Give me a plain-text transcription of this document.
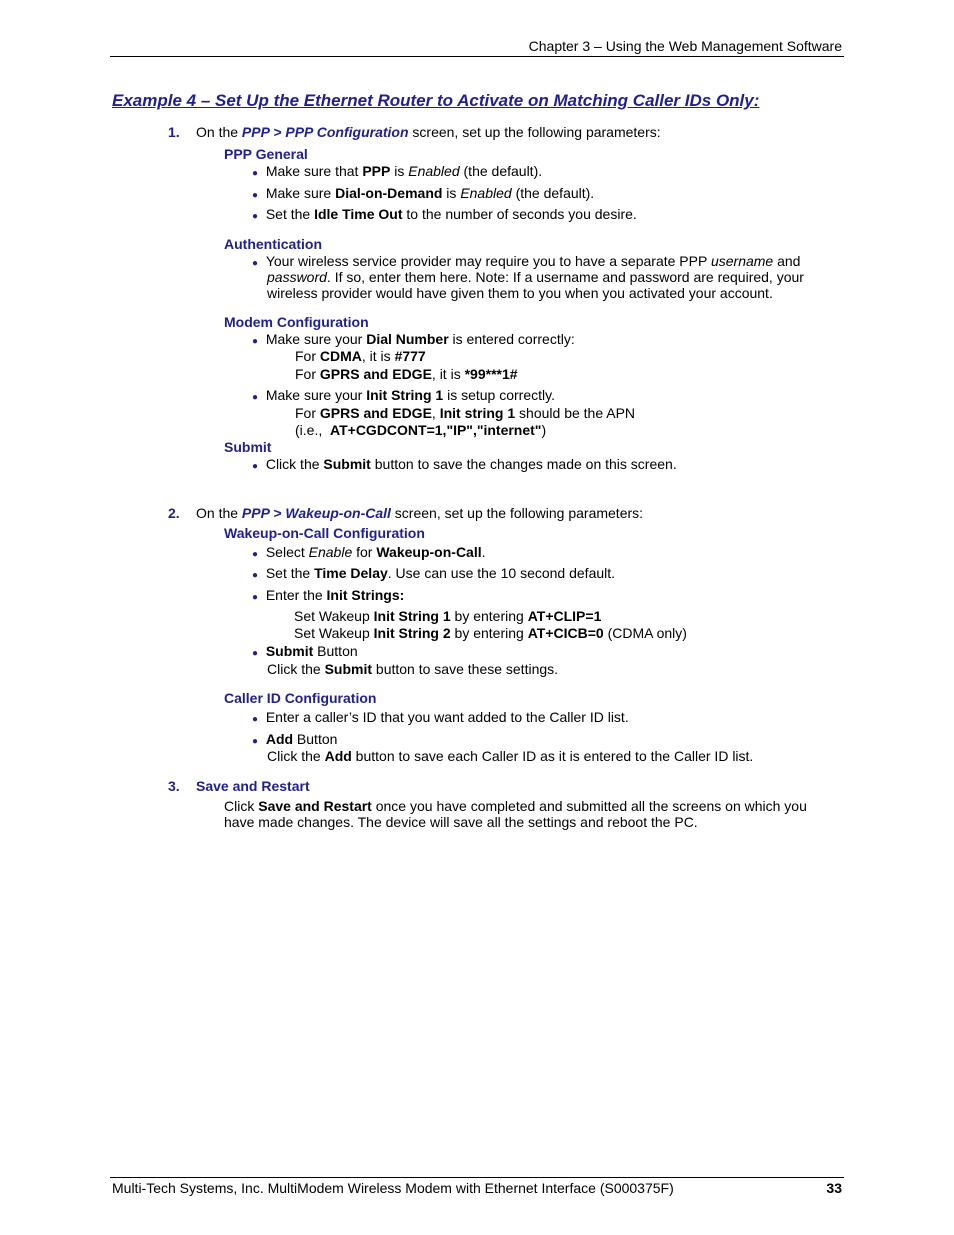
Chapter 3 – Using the Web Management Software
Example 4 – Set Up the Ethernet Router to Activate on Matching Caller IDs Only:
1. On the PPP > PPP Configuration screen, set up the following parameters:
PPP General
● Make sure that PPP is Enabled (the default).
● Make sure Dial-on-Demand is Enabled (the default).
● Set the Idle Time Out to the number of seconds you desire.
Authentication
● Your wireless service provider may require you to have a separate PPP username and
password. If so, enter them here. Note: If a username and password are required, your
wireless provider would have given them to you when you activated your account.
Modem Configuration
● Make sure your Dial Number is entered correctly:
For CDMA, it is #777
For GPRS and EDGE, it is *99***1#
● Make sure your Init String 1 is setup correctly.
For GPRS and EDGE, Init string 1 should be the APN
(i.e.,  AT+CGDCONT=1,"IP","internet")
Submit
● Click the Submit button to save the changes made on this screen.
2. On the PPP > Wakeup-on-Call screen, set up the following parameters:
Wakeup-on-Call Configuration
● Select Enable for Wakeup-on-Call.
● Set the Time Delay. Use can use the 10 second default.
● Enter the Init Strings:
Set Wakeup Init String 1 by entering AT+CLIP=1
Set Wakeup Init String 2 by entering AT+CICB=0 (CDMA only)
● Submit Button
Click the Submit button to save these settings.
Caller ID Configuration
● Enter a caller’s ID that you want added to the Caller ID list.
● Add Button
Click the Add button to save each Caller ID as it is entered to the Caller ID list.
3. Save and Restart
Click Save and Restart once you have completed and submitted all the screens on which you
have made changes. The device will save all the settings and reboot the PC.
Multi-Tech Systems, Inc. MultiModem Wireless Modem with Ethernet Interface (S000375F)	33
